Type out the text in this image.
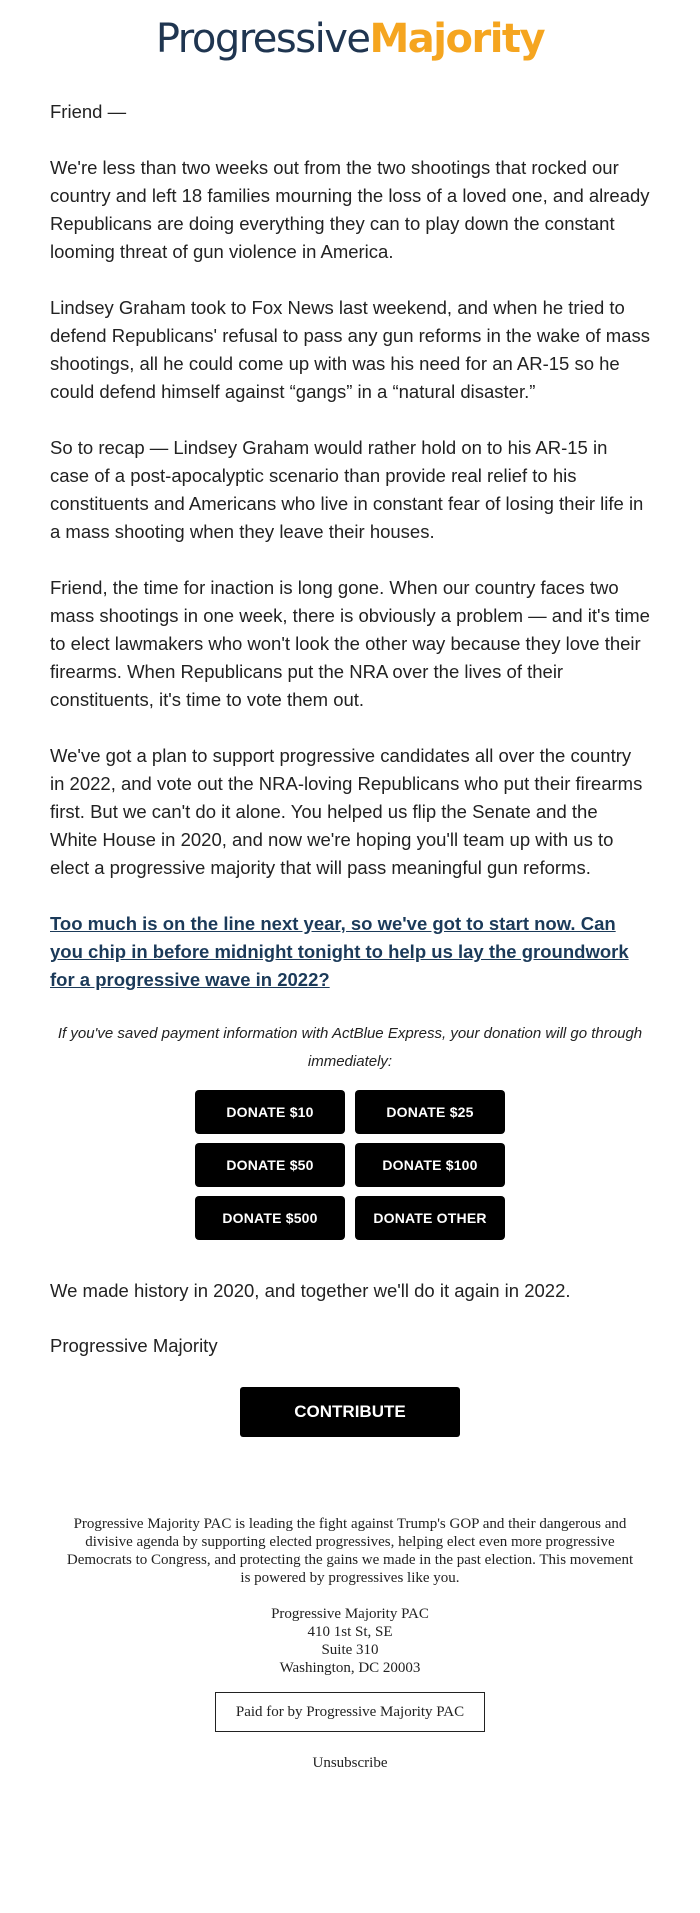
ProgressiveMajority

Friend —

We're less than two weeks out from the two shootings that rocked our country and left 18 families mourning the loss of a loved one, and already Republicans are doing everything they can to play down the constant looming threat of gun violence in America.

Lindsey Graham took to Fox News last weekend, and when he tried to defend Republicans' refusal to pass any gun reforms in the wake of mass shootings, all he could come up with was his need for an AR-15 so he could defend himself against “gangs” in a “natural disaster.”

So to recap — Lindsey Graham would rather hold on to his AR-15 in case of a post-apocalyptic scenario than provide real relief to his constituents and Americans who live in constant fear of losing their life in a mass shooting when they leave their houses.

Friend, the time for inaction is long gone. When our country faces two mass shootings in one week, there is obviously a problem — and it's time to elect lawmakers who won't look the other way because they love their firearms. When Republicans put the NRA over the lives of their constituents, it's time to vote them out.

We've got a plan to support progressive candidates all over the country in 2022, and vote out the NRA-loving Republicans who put their firearms first. But we can't do it alone. You helped us flip the Senate and the White House in 2020, and now we're hoping you'll team up with us to elect a progressive majority that will pass meaningful gun reforms.

Too much is on the line next year, so we've got to start now. Can you chip in before midnight tonight to help us lay the groundwork for a progressive wave in 2022?

If you've saved payment information with ActBlue Express, your donation will go through immediately:

DONATE $10	DONATE $25
DONATE $50	DONATE $100
DONATE $500	DONATE OTHER

We made history in 2020, and together we'll do it again in 2022.

Progressive Majority

CONTRIBUTE
Progressive Majority PAC is leading the fight against Trump's GOP and their dangerous and divisive agenda by supporting elected progressives, helping elect even more progressive Democrats to Congress, and protecting the gains we made in the past election. This movement is powered by progressives like you.
Progressive Majority PAC
410 1st St, SE
Suite 310
Washington, DC 20003
Paid for by Progressive Majority PAC
Unsubscribe
